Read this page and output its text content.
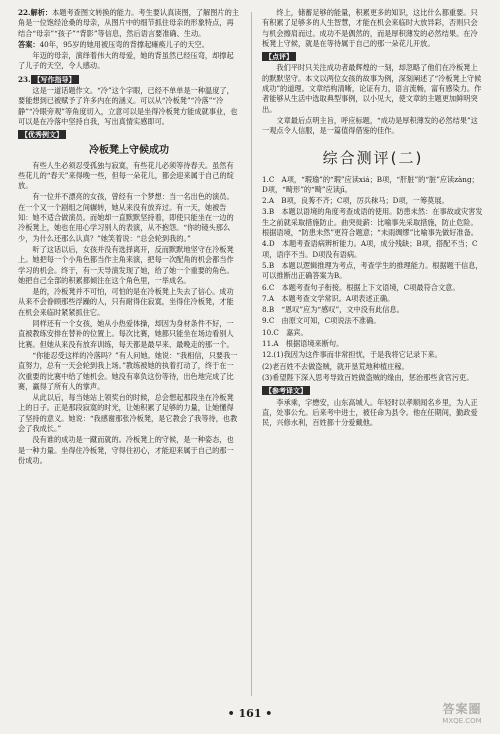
22.解析：本题考查图文转换的能力。考生要认真读图，了解图片的主角是一位饱经沧桑的母亲，从图片中的细节抓住母亲的形象特点，再结合“母亲”“孩子”“背影”等信息，然后语言要准确、生动。

答案：40年，95岁的她用被压弯的背撑起瘫痪儿子的天空。

年迈的母亲，演绎着伟大的母爱，她的背虽然已经压弯，却撑起了儿子的天空，令人感动。

23. 【写作指导】

这是一道话题作文。“冷”这个字眼，已经不单单是一种温度了，要能想到已被赋予了许多内在的涵义。可以从“冷板凳”“冷落”“冷静”“冷眼旁观”等角度切入，立意可以是坐得冷板凳方能成就事业，也可以是在冷落中坚持自我，写出真情实感即可。

【优秀例文】

冷板凳上守候成功

有些人生必须忍受孤独与寂寞，有些花儿必须等待春天。虽然有些花儿的“春天”来得晚一些，但每一朵花儿，都会迎来属于自己的绽放。

有一位并不漂亮的女孩，曾经有一个梦想：当一名出色的演员。在一个又一个剧组之间辗转，她从来没有放弃过。有一天，她被告知：她不适合做演员。而她却一直默默坚持着，即使只能坐在一边的冷板凳上，她也在用心学习别人的表演，从不抱怨。“你的镜头那么少，为什么还那么认真？”她笑着说：“总会轮到我的。”

听了这话以后，女孩并没有选择离开，反而默默地坚守在冷板凳上。她把每一个小角色都当作主角来演，把每一次配角的机会都当作学习的机会。终于，有一天导演发现了她，给了她一个重要的角色。她把自己全部的积累都倾注在这个角色里，一举成名。

是的，冷板凳并不可怕，可怕的是在冷板凳上失去了信心。成功从来不会眷顾那些浮躁的人，只有耐得住寂寞，坐得住冷板凳，才能在机会来临时紧紧抓住它。

同样还有一个女孩，她从小热爱体操，却因为身材条件不好，一直被教练安排在替补的位置上。每次比赛，她都只能坐在场边看别人比赛。但她从来没有放弃训练，每天都是最早来、最晚走的那一个。

“你能忍受这样的冷落吗？”有人问她。她说：“我相信，只要我一直努力，总有一天会轮到我上场。”教练被她的执着打动了，终于在一次重要的比赛中给了她机会。她没有辜负这份等待，出色地完成了比赛，赢得了所有人的掌声。

从此以后，每当她站上领奖台的时候，总会想起那段坐在冷板凳上的日子。正是那段寂寞的时光，让她积累了足够的力量，让她懂得了坚持的意义。她说：“我感谢那张冷板凳，是它教会了我等待，也教会了我成长。”

没有谁的成功是一蹴而就的。冷板凳上的守候，是一种姿态，也是一种力量。坐得住冷板凳，守得住初心，才能迎来属于自己的那一份成功。

终上，储蓄足够的能量，积累更多的知识，这比什么都重要。只有积累了足够多的人生智慧，才能在机会来临时大放异彩，否则只会与机会擦肩而过。成功不是偶然的，而是厚积薄发的必然结果。在冷板凳上守候，就是在等待属于自己的那一朵花儿开放。

【点评】

我们平时只关注成功者最辉煌的一刻，却忽略了他们在冷板凳上的默默坚守。本文以两位女孩的故事为例，深刻阐述了“冷板凳上守候成功”的道理。文章结构清晰，论证有力，语言流畅，富有感染力。作者能够从生活中选取典型事例，以小见大，使文章的主题更加鲜明突出。

文章最后点明主旨，呼应标题，“成功是厚积薄发的必然结果”这一观点令人信服，是一篇值得借鉴的佳作。

综合测评(二)

1.C　A项，“瑕瑜”的“瑕”应读xiá；B项，“肝脏”的“脏”应读zàng；D项，“畸形”的“畸”应读jī。

2.A　B项，良莠不齐；C项，厉兵秣马；D项，一筹莫展。

3.B　本题以语境的角度考查成语的使用。防患未然：在事故或灾害发生之前就采取措施防止。曲突徙薪：比喻事先采取措施，防止危险。根据语境，“防患未然”更符合题意；“未雨绸缪”比喻事先做好准备。

4.D　本题考查语病辨析能力。A项，成分残缺；B项，搭配不当；C项，语序不当。D项没有语病。

5.B　本题以逻辑推理为考点，考查学生的推理能力。根据题干信息，可以推断出正确答案为B。

6.C　本题考查句子衔接。根据上下文语境，C项最符合文意。

7.A　本题考查文学常识。A项表述正确。

8.B　“恩叹”应为“感叹”，文中没有此信息。

9.C　由原文可知，C项说法不准确。

10.C　嘉宾。

11.A　根据语境来断句。

12.(1)我因为这件事而非常担忧，于是我将它记录下来。

(2)老百姓不去做盗贼，就开垦荒地种植庄稼。

(3)希望陛下深入思考导致百姓做盗贼的缘由，惩治那些贪官污吏。

【参考译文】

李承乘，字懋安，山东高城人。年轻时以孝顺闻名乡里，为人正直，处事公允。后来考中进士，被任命为县令。他在任期间，勤政爱民，兴修水利，百姓都十分爱戴他。

• 161 •	答案圈
MXQE.COM
